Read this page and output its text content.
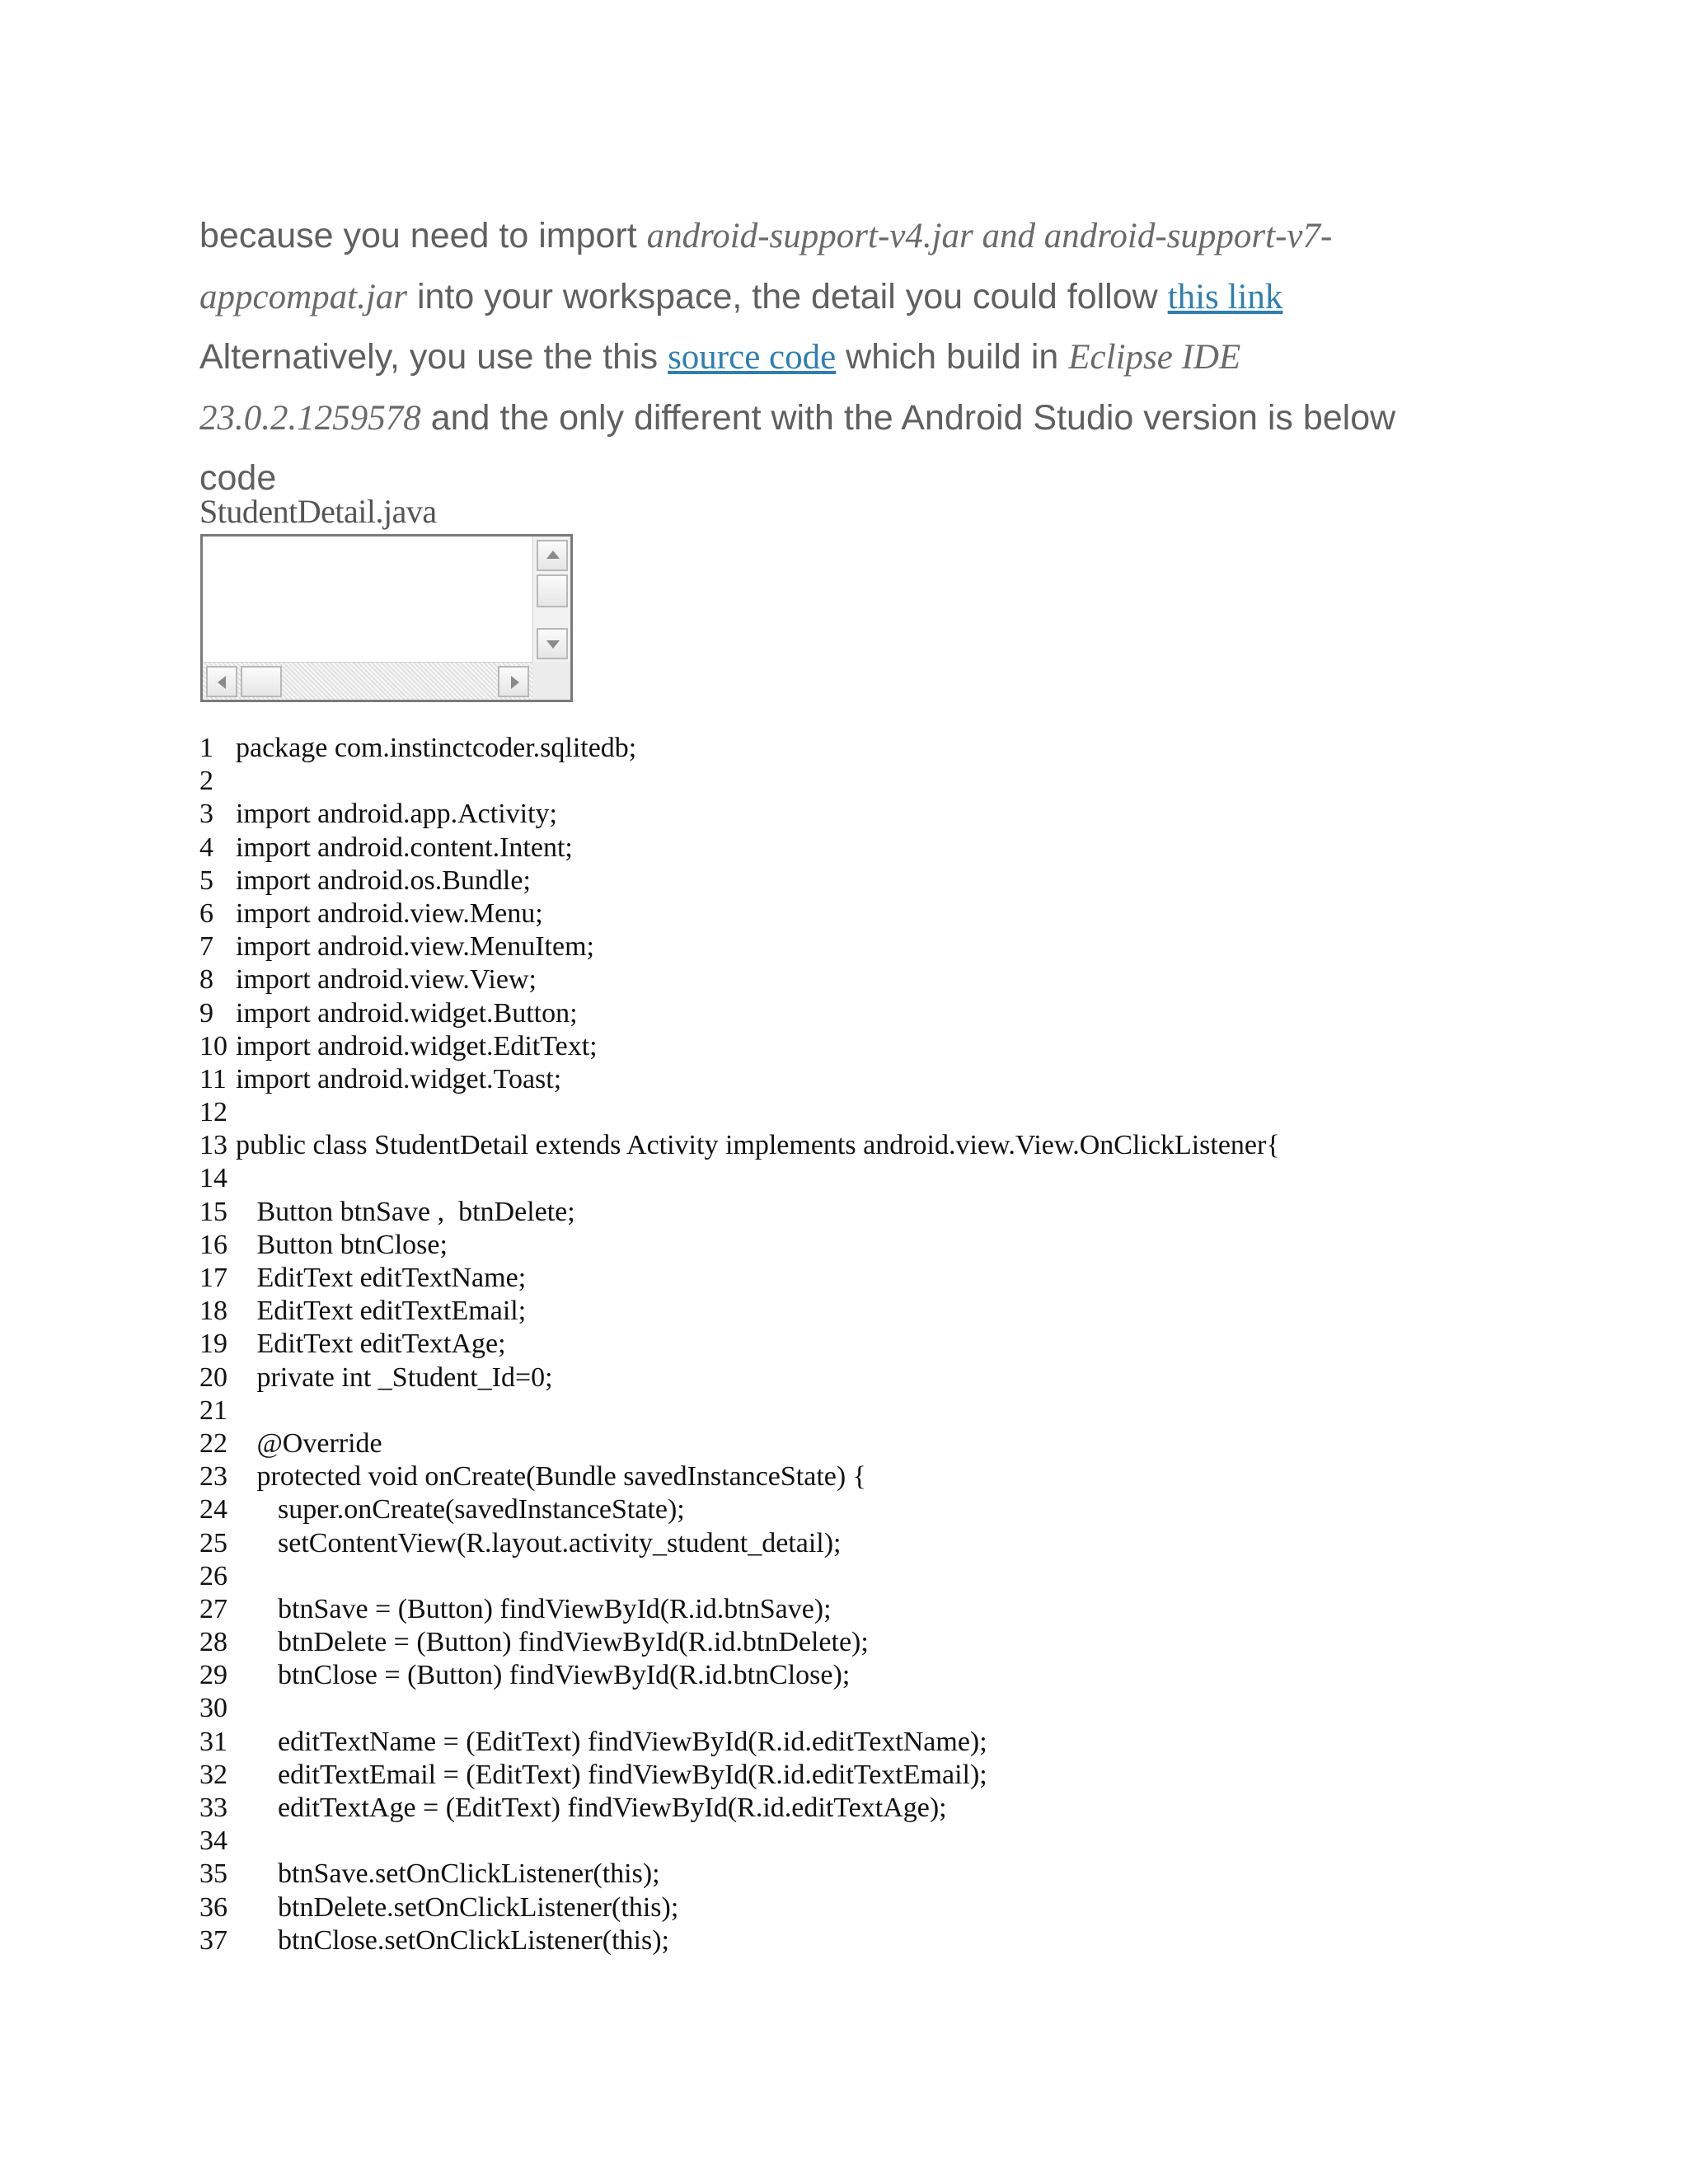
because you need to import android-support-v4.jar and android-support-v7-
appcompat.jar into your workspace, the detail you could follow this link
Alternatively, you use the this source code which build in Eclipse IDE
23.0.2.1259578 and the only different with the Android Studio version is below
code
StudentDetail.java
1 package com.instinctcoder.sqlitedb;
2
3 import android.app.Activity;
4 import android.content.Intent;
5 import android.os.Bundle;
6 import android.view.Menu;
7 import android.view.MenuItem;
8 import android.view.View;
9 import android.widget.Button;
10 import android.widget.EditText;
11 import android.widget.Toast;
12
13 public class StudentDetail extends Activity implements android.view.View.OnClickListener{
14
15   Button btnSave ,  btnDelete;
16   Button btnClose;
17   EditText editTextName;
18   EditText editTextEmail;
19   EditText editTextAge;
20   private int _Student_Id=0;
21
22   @Override
23   protected void onCreate(Bundle savedInstanceState) {
24      super.onCreate(savedInstanceState);
25      setContentView(R.layout.activity_student_detail);
26
27      btnSave = (Button) findViewById(R.id.btnSave);
28      btnDelete = (Button) findViewById(R.id.btnDelete);
29      btnClose = (Button) findViewById(R.id.btnClose);
30
31      editTextName = (EditText) findViewById(R.id.editTextName);
32      editTextEmail = (EditText) findViewById(R.id.editTextEmail);
33      editTextAge = (EditText) findViewById(R.id.editTextAge);
34
35      btnSave.setOnClickListener(this);
36      btnDelete.setOnClickListener(this);
37      btnClose.setOnClickListener(this);
